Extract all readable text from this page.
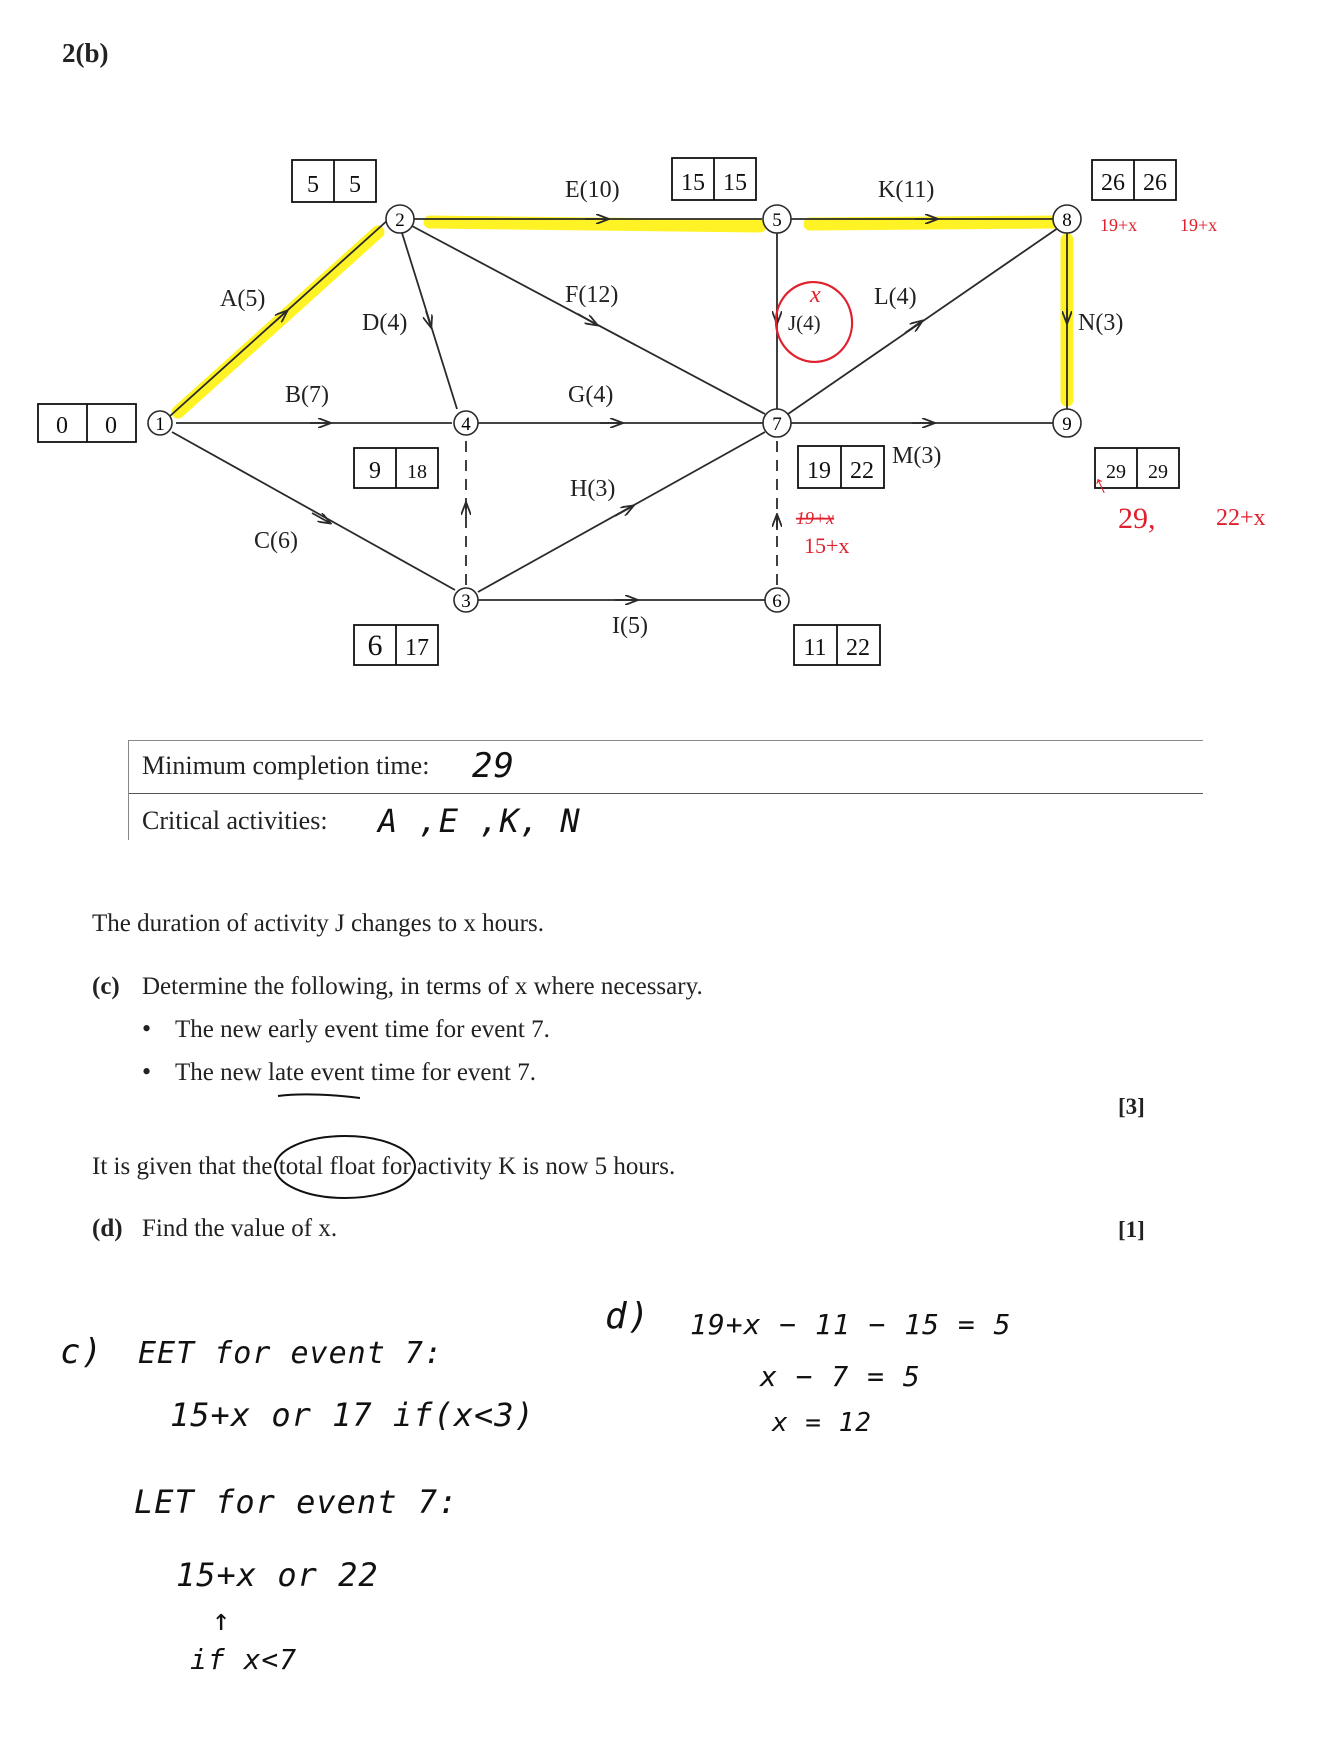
2(b)
1
2
3
4
5
6
7
8
9
A(5)
B(7)
C(6)
D(4)
E(10)
F(12)
G(4)
H(3)
I(5)
J(4)
K(11)
L(4)
M(3)
N(3)
0 0
5 5
6 17
9 18
15 15
11 22
19 22
26 26
29 29
x
19+x
15+x
19+x 19+x
↑
29,	22+x
Minimum completion time: 29
Critical activities: A ,E ,K, N
The duration of activity J changes to x hours.
(c) Determine the following, in terms of x where necessary.
• The new early event time for event 7.
• The new late event time for event 7.
[3]
It is given that the total float for activity K is now 5 hours.
(d) Find the value of x.	[1]
c) EET for event 7:
15+x or 17 if(x<3)
LET for event 7:
15+x or 22
↑
if x<7
d) 19+x − 11 − 15 = 5
x − 7 = 5
x = 12
